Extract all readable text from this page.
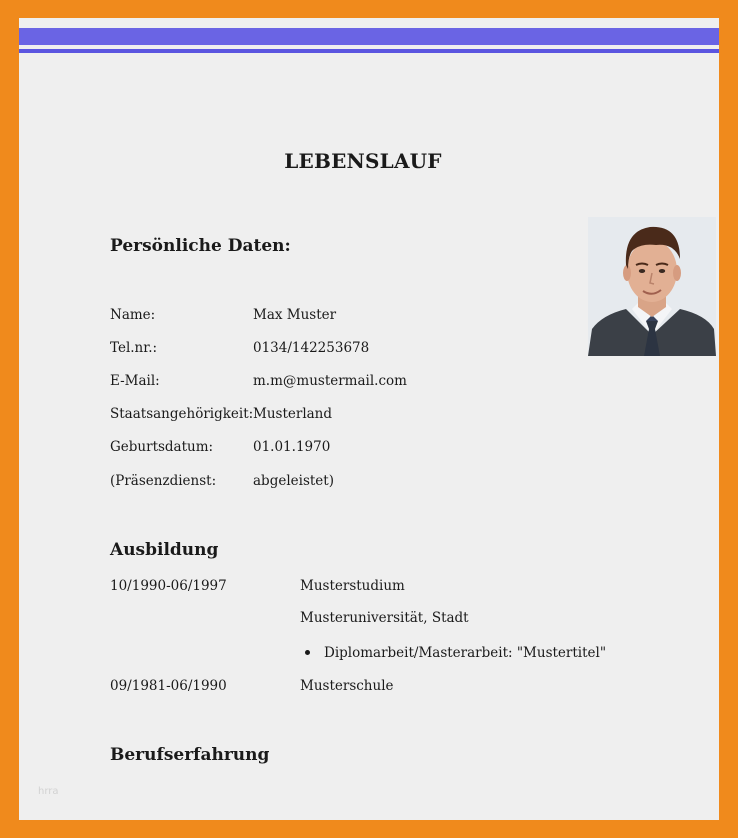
LEBENSLAUF
Persönliche Daten:
Name:	Max Muster
Tel.nr.:	0134/142253678
E-Mail:	m.m@mustermail.com
Staatsangehörigkeit: Musterland
Geburtsdatum:	01.01.1970
(Präsenzdienst:	abgeleistet)
Ausbildung
10/1990-06/1997	Musterstudium
Musteruniversität, Stadt
Diplomarbeit/Masterarbeit: "Mustertitel"
09/1981-06/1990	Musterschule
Berufserfahrung
hrra
